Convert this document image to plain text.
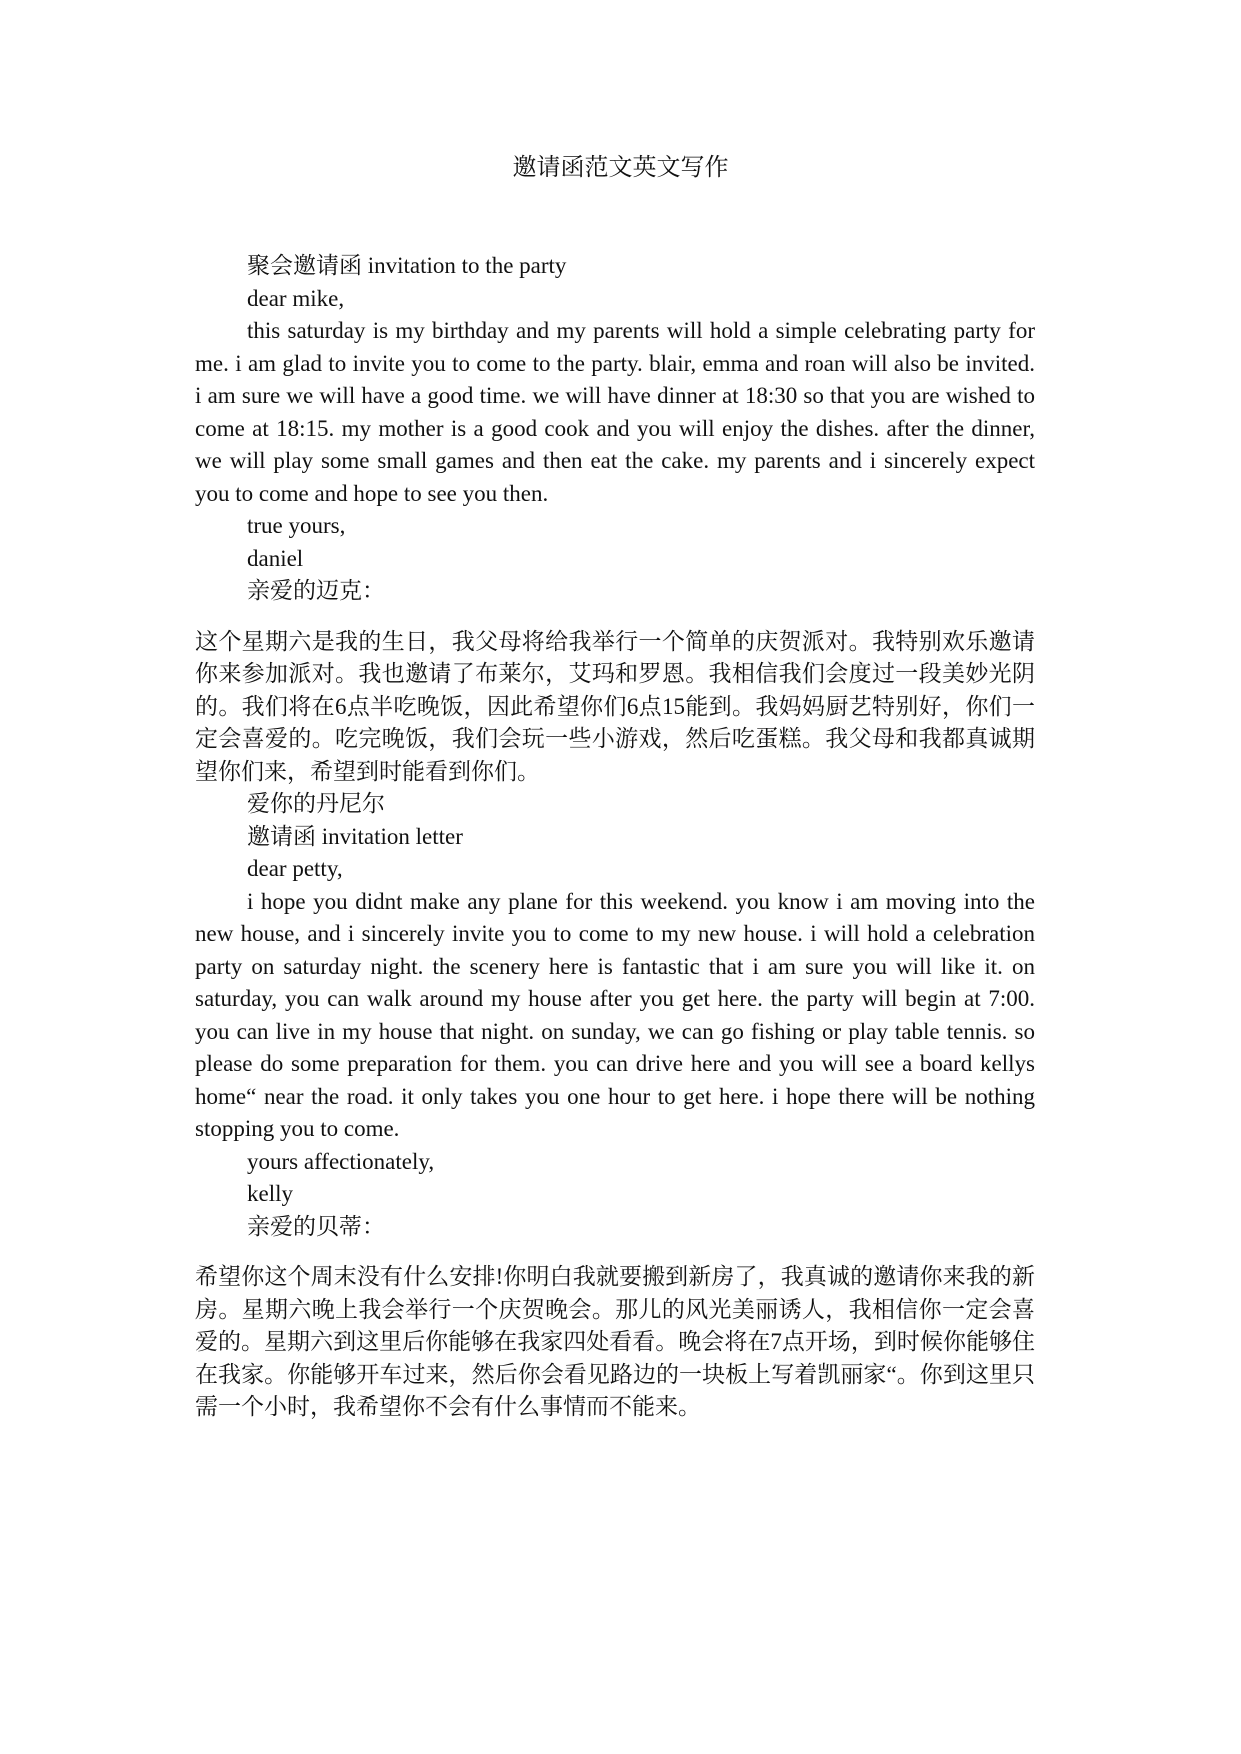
邀请函范文英文写作

聚会邀请函 invitation to the party

dear mike,

this saturday is my birthday and my parents will hold a simple celebrating party for me. i am glad to invite you to come to the party. blair, emma and roan will also be invited. i am sure we will have a good time. we will have dinner at 18:30 so that you are wished to come at 18:15. my mother is a good cook and you will enjoy the dishes. after the dinner, we will play some small games and then eat the cake. my parents and i sincerely expect you to come and hope to see you then.

true yours,

daniel

亲爱的迈克：

这个星期六是我的生日，我父母将给我举行一个简单的庆贺派对。我特别欢乐邀请你来参加派对。我也邀请了布莱尔，艾玛和罗恩。我相信我们会度过一段美妙光阴的。我们将在6点半吃晚饭，因此希望你们6点15能到。我妈妈厨艺特别好，你们一定会喜爱的。吃完晚饭，我们会玩一些小游戏，然后吃蛋糕。我父母和我都真诚期望你们来，希望到时能看到你们。

爱你的丹尼尔

邀请函 invitation letter

dear petty,

i hope you didnt make any plane for this weekend. you know i am moving into the new house, and i sincerely invite you to come to my new house. i will hold a celebration party on saturday night. the scenery here is fantastic that i am sure you will like it. on saturday, you can walk around my house after you get here. the party will begin at 7:00. you can live in my house that night. on sunday, we can go fishing or play table tennis. so please do some preparation for them. you can drive here and you will see a board kellys home“ near the road. it only takes you one hour to get here. i hope there will be nothing stopping you to come.

yours affectionately,

kelly

亲爱的贝蒂：

希望你这个周末没有什么安排!你明白我就要搬到新房了，我真诚的邀请你来我的新房。星期六晚上我会举行一个庆贺晚会。那儿的风光美丽诱人，我相信你一定会喜爱的。星期六到这里后你能够在我家四处看看。晚会将在7点开场，到时候你能够住在我家。你能够开车过来，然后你会看见路边的一块板上写着凯丽家“。你到这里只需一个小时，我希望你不会有什么事情而不能来。
